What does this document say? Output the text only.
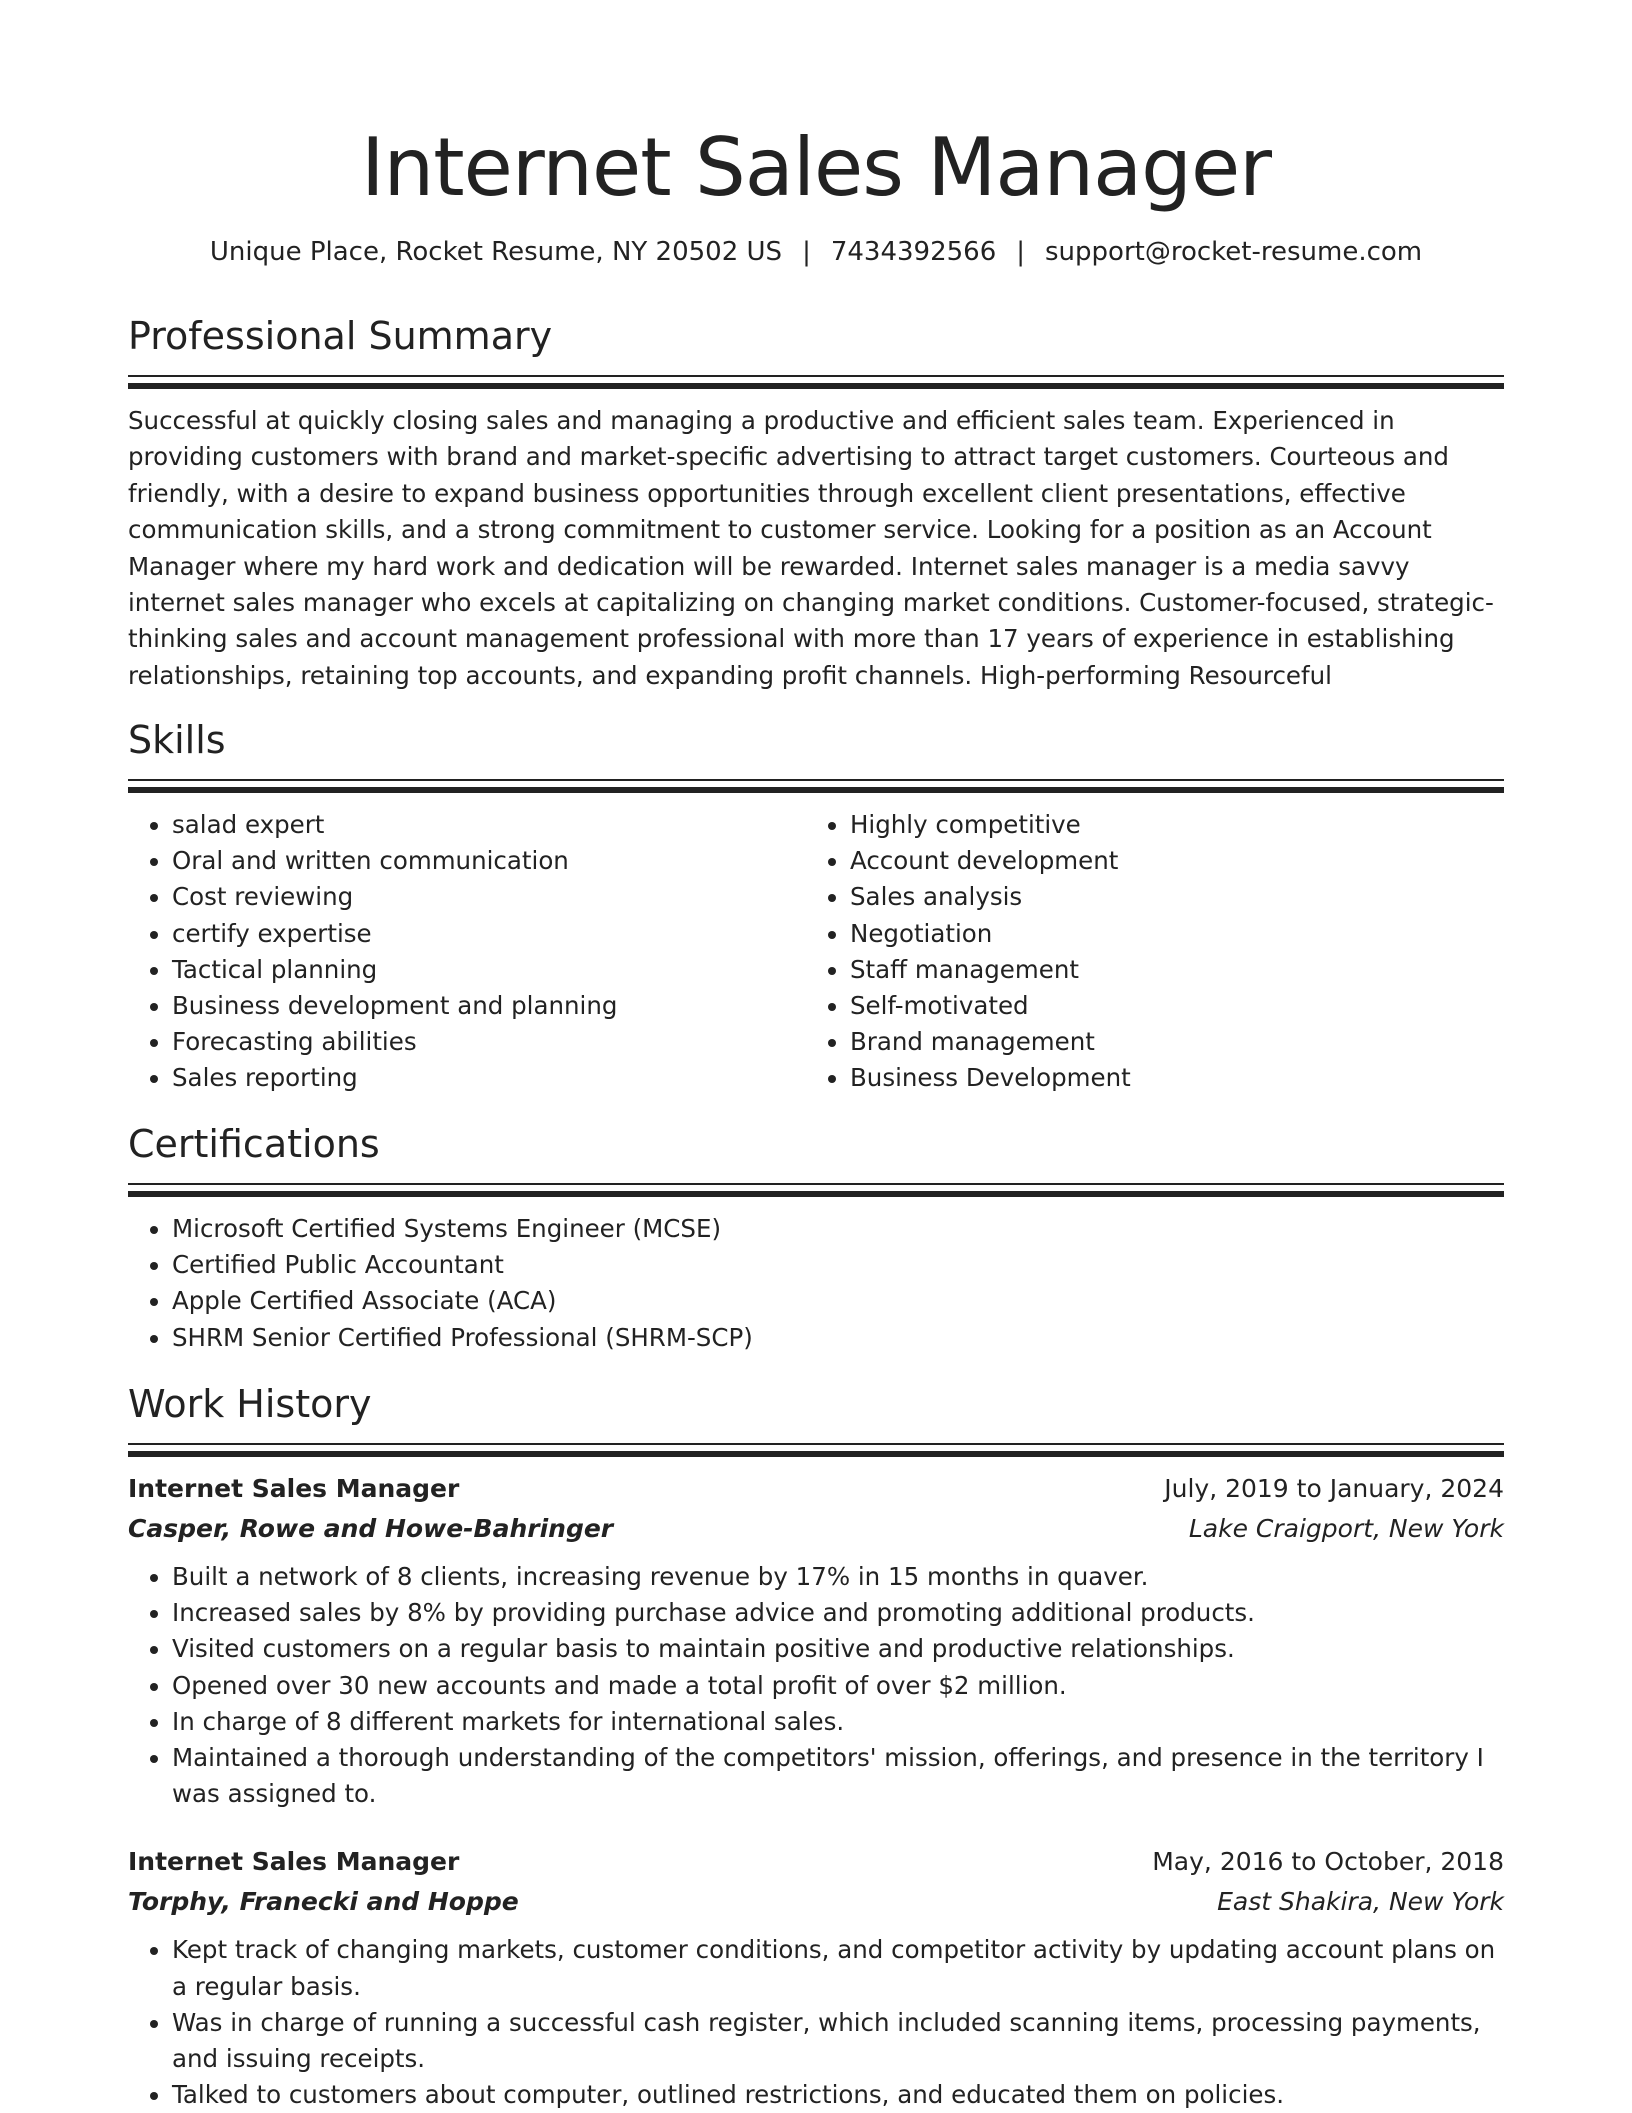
Internet Sales Manager
Unique Place, Rocket Resume, NY 20502 US | 7434392566 | support@rocket-resume.com
Professional Summary

Successful at quickly closing sales and managing a productive and efficient sales team. Experienced in providing customers with brand and market-specific advertising to attract target customers. Courteous and friendly, with a desire to expand business opportunities through excellent client presentations, effective communication skills, and a strong commitment to customer service. Looking for a position as an Account Manager where my hard work and dedication will be rewarded. Internet sales manager is a media savvy internet sales manager who excels at capitalizing on changing market conditions. Customer-focused, strategic-thinking sales and account management professional with more than 17 years of experience in establishing relationships, retaining top accounts, and expanding profit channels. High-performing Resourceful

Skills
• salad expert
• Oral and written communication
• Cost reviewing
• certify expertise
• Tactical planning
• Business development and planning
• Forecasting abilities
• Sales reporting
• Highly competitive
• Account development
• Sales analysis
• Negotiation
• Staff management
• Self-motivated
• Brand management
• Business Development
Certifications
• Microsoft Certified Systems Engineer (MCSE)
• Certified Public Accountant
• Apple Certified Associate (ACA)
• SHRM Senior Certified Professional (SHRM-SCP)
Work History
Internet Sales Manager	July, 2019 to January, 2024
Casper, Rowe and Howe-Bahringer	Lake Craigport, New York
• Built a network of 8 clients, increasing revenue by 17% in 15 months in quaver.
• Increased sales by 8% by providing purchase advice and promoting additional products.
• Visited customers on a regular basis to maintain positive and productive relationships.
• Opened over 30 new accounts and made a total profit of over $2 million.
• In charge of 8 different markets for international sales.
• Maintained a thorough understanding of the competitors' mission, offerings, and presence in the territory I was assigned to.
Internet Sales Manager	May, 2016 to October, 2018
Torphy, Franecki and Hoppe	East Shakira, New York
• Kept track of changing markets, customer conditions, and competitor activity by updating account plans on a regular basis.
• Was in charge of running a successful cash register, which included scanning items, processing payments, and issuing receipts.
• Talked to customers about computer, outlined restrictions, and educated them on policies.
